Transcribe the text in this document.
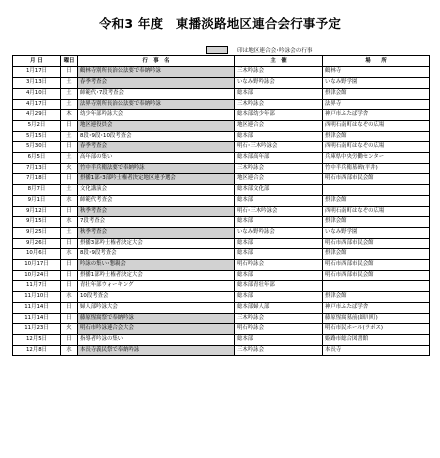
令和3 年度　東播淡路地区連合会行事予定
印は地区連合会･吟詠会の行事
月 日	曜日	行　事　名	主　催	場　　所
1月17日	日	鶴林寺別所長治公法要で奉納吟詠	三木吟詠会	鶴林寺
3月13日	土	春季考査会	いなみ野吟詠会	いなみ野学園
4月10日	土	師範代･7段考査会	総本部	摂津会館
4月17日	土	法界寺別所長治公法要で奉納吟詠	三木吟詠会	法界寺
4月29日	木	幼少年部吟詠大会	総本部幼少年部	神戸市ふたば学舎
5月2日	日	地区連役員会	地区連合会	西明石南町はなぞの広場
5月15日	土	8段･9段･10段考査会	総本部	摂津会館
5月30日	日	春季考査会	明石･三木吟詠会	西明石南町はなぞの広場
6月5日	土	高年部の集い	総本部高年部	兵庫県中央労働センター
7月13日	火	竹中半兵衛法要で奉納吟詠	三木吟詠会	竹中半兵衛墓碑(平井)
7月18日	日	摂播1部･3部吟士権者決定地区連予選会	地区連合会	明石市西部市民会館
8月7日	土	文化講演会	総本部文化部	
9月1日	水	師範代考査会	総本部	摂津会館
9月12日	日	秋季考査会	明石･三木吟詠会	西明石南町はなぞの広場
9月15日	水	7段考査会	総本部	摂津会館
9月25日	土	秋季考査会	いなみ野吟詠会	いなみ野学園
9月26日	日	摂播3部吟士権者決定大会	総本部	明石市西部市民会館
10月6日	水	8段･9段考査会	総本部	摂津会館
10月17日	日	吟詠の集い･懇親会	明石吟詠会	明石市西部市民会館
10月24日	日	摂播1部吟士権者決定大会	総本部	明石市西部市民会館
11月7日	日	青壮年部ウォーキング	総本部青壮年部	
11月10日	水	10段考査会	総本部	摂津会館
11月14日	日	婦人部吟詠大会	総本部婦人部	神戸市ふたば学舎
11月14日	日	藤原惺窩祭で奉納吟詠	三木吟詠会	藤原惺窩墓前(細川町)
11月23日	火	明石市吟詠連合会大会	明石吟詠会	明石市民ホール(ラポス)
12月5日	日	指導者吟詠の集い	総本部	姫路市総合図書館
12月8日	水	本長寺義民祭で奉納吟詠	三木吟詠会	本長寺
